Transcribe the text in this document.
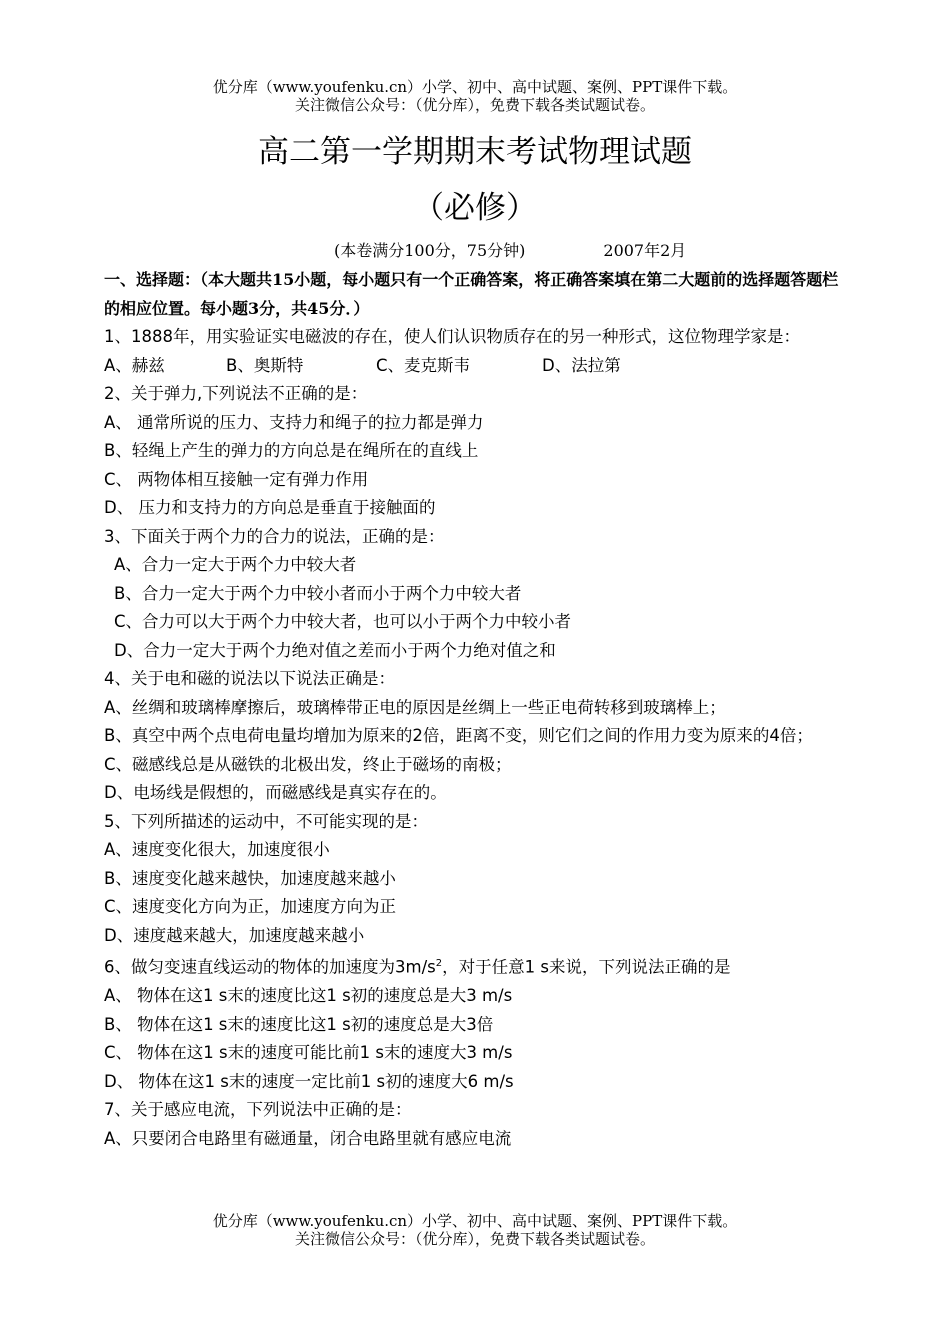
优分库（www.youfenku.cn）小学、初中、高中试题、案例、PPT课件下载。
关注微信公众号：（优分库），免费下载各类试题试卷。
高二第一学期期末考试物理试题
（必修）
(本卷满分100分，75分钟)	2007年2月
一、选择题：（本大题共15小题，每小题只有一个正确答案，将正确答案填在第二大题前的选择题答题栏的相应位置。每小题3分，共45分．）
1、1888年，用实验证实电磁波的存在，使人们认识物质存在的另一种形式，这位物理学家是：
A、赫兹	B、奥斯特	C、麦克斯韦	D、法拉第
2、关于弹力,下列说法不正确的是：
A、 通常所说的压力、支持力和绳子的拉力都是弹力
B、轻绳上产生的弹力的方向总是在绳所在的直线上
C、 两物体相互接触一定有弹力作用
D、 压力和支持力的方向总是垂直于接触面的
3、下面关于两个力的合力的说法，正确的是：
A、合力一定大于两个力中较大者
B、合力一定大于两个力中较小者而小于两个力中较大者
C、合力可以大于两个力中较大者，也可以小于两个力中较小者
D、合力一定大于两个力绝对值之差而小于两个力绝对值之和
4、关于电和磁的说法以下说法正确是：
A、丝绸和玻璃棒摩擦后，玻璃棒带正电的原因是丝绸上一些正电荷转移到玻璃棒上；
B、真空中两个点电荷电量均增加为原来的2倍，距离不变，则它们之间的作用力变为原来的4倍；
C、磁感线总是从磁铁的北极出发，终止于磁场的南极；
D、电场线是假想的，而磁感线是真实存在的。
5、下列所描述的运动中，不可能实现的是：
A、速度变化很大，加速度很小
B、速度变化越来越快，加速度越来越小
C、速度变化方向为正，加速度方向为正
D、速度越来越大，加速度越来越小
6、做匀变速直线运动的物体的加速度为$3m/s^2$，对于任意1 s来说，下列说法正确的是
A、 物体在这1 s末的速度比这1 s初的速度总是大3 m/s
B、 物体在这1 s末的速度比这1 s初的速度总是大3倍
C、 物体在这1 s末的速度可能比前1 s末的速度大3 m/s
D、 物体在这1 s末的速度一定比前1 s初的速度大6 m/s
7、关于感应电流，下列说法中正确的是：
A、只要闭合电路里有磁通量，闭合电路里就有感应电流
优分库（www.youfenku.cn）小学、初中、高中试题、案例、PPT课件下载。
关注微信公众号：（优分库），免费下载各类试题试卷。
